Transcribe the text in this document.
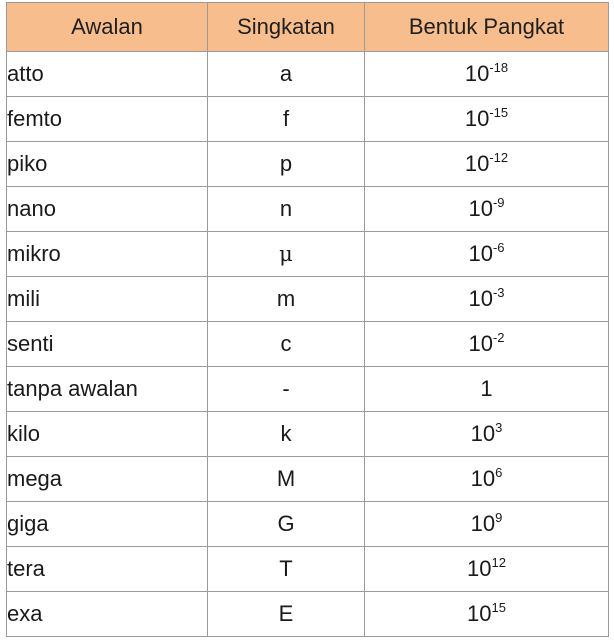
Awalan	Singkatan	Bentuk Pangkat
atto	a	$10^{-18}$
femto	f	$10^{-15}$
piko	p	$10^{-12}$
nano	n	$10^{-9}$
mikro	μ	$10^{-6}$
mili	m	$10^{-3}$
senti	c	$10^{-2}$
tanpa awalan	-	1
kilo	k	$10^3$
mega	M	$10^6$
giga	G	$10^9$
tera	T	$10^{12}$
exa	E	$10^{15}$
